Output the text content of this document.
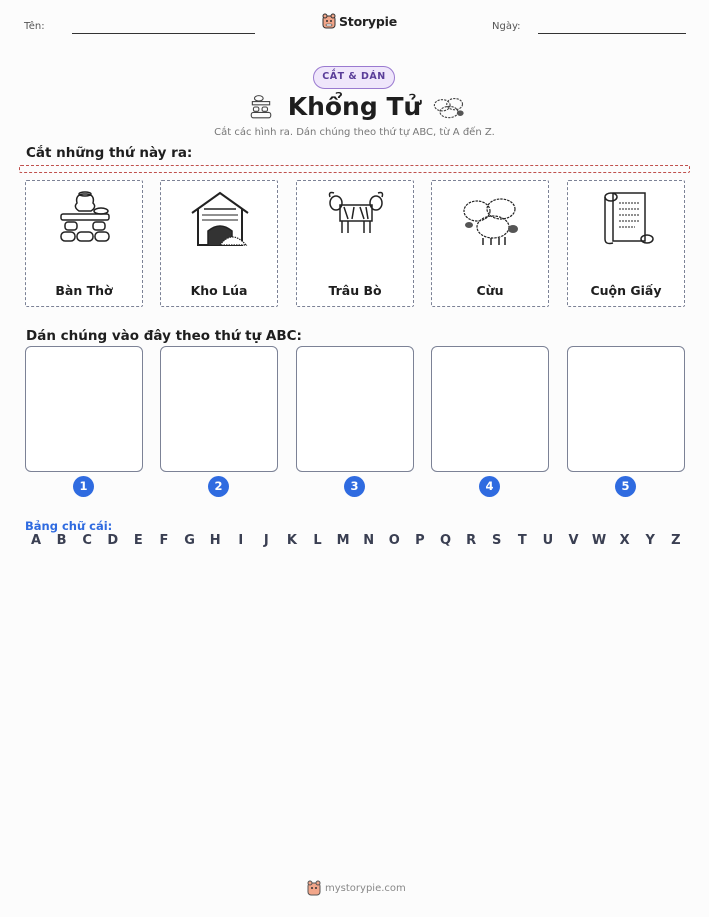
Tên:	Storypie	Ngày:
CẮT & DÁN
Khổng Tử
Cắt các hình ra. Dán chúng theo thứ tự ABC, từ A đến Z.
Cắt những thứ này ra:
Bàn Thờ	Kho Lúa	Trâu Bò	Cừu	Cuộn Giấy
Dán chúng vào đây theo thứ tự ABC:
1	2	3	4	5
Bảng chữ cái:
A	B	C	D	E	F	G	H	I	J	K	L	M	N	O	P	Q	R	S	T	U	V	W	X	Y	Z
mystorypie.com
